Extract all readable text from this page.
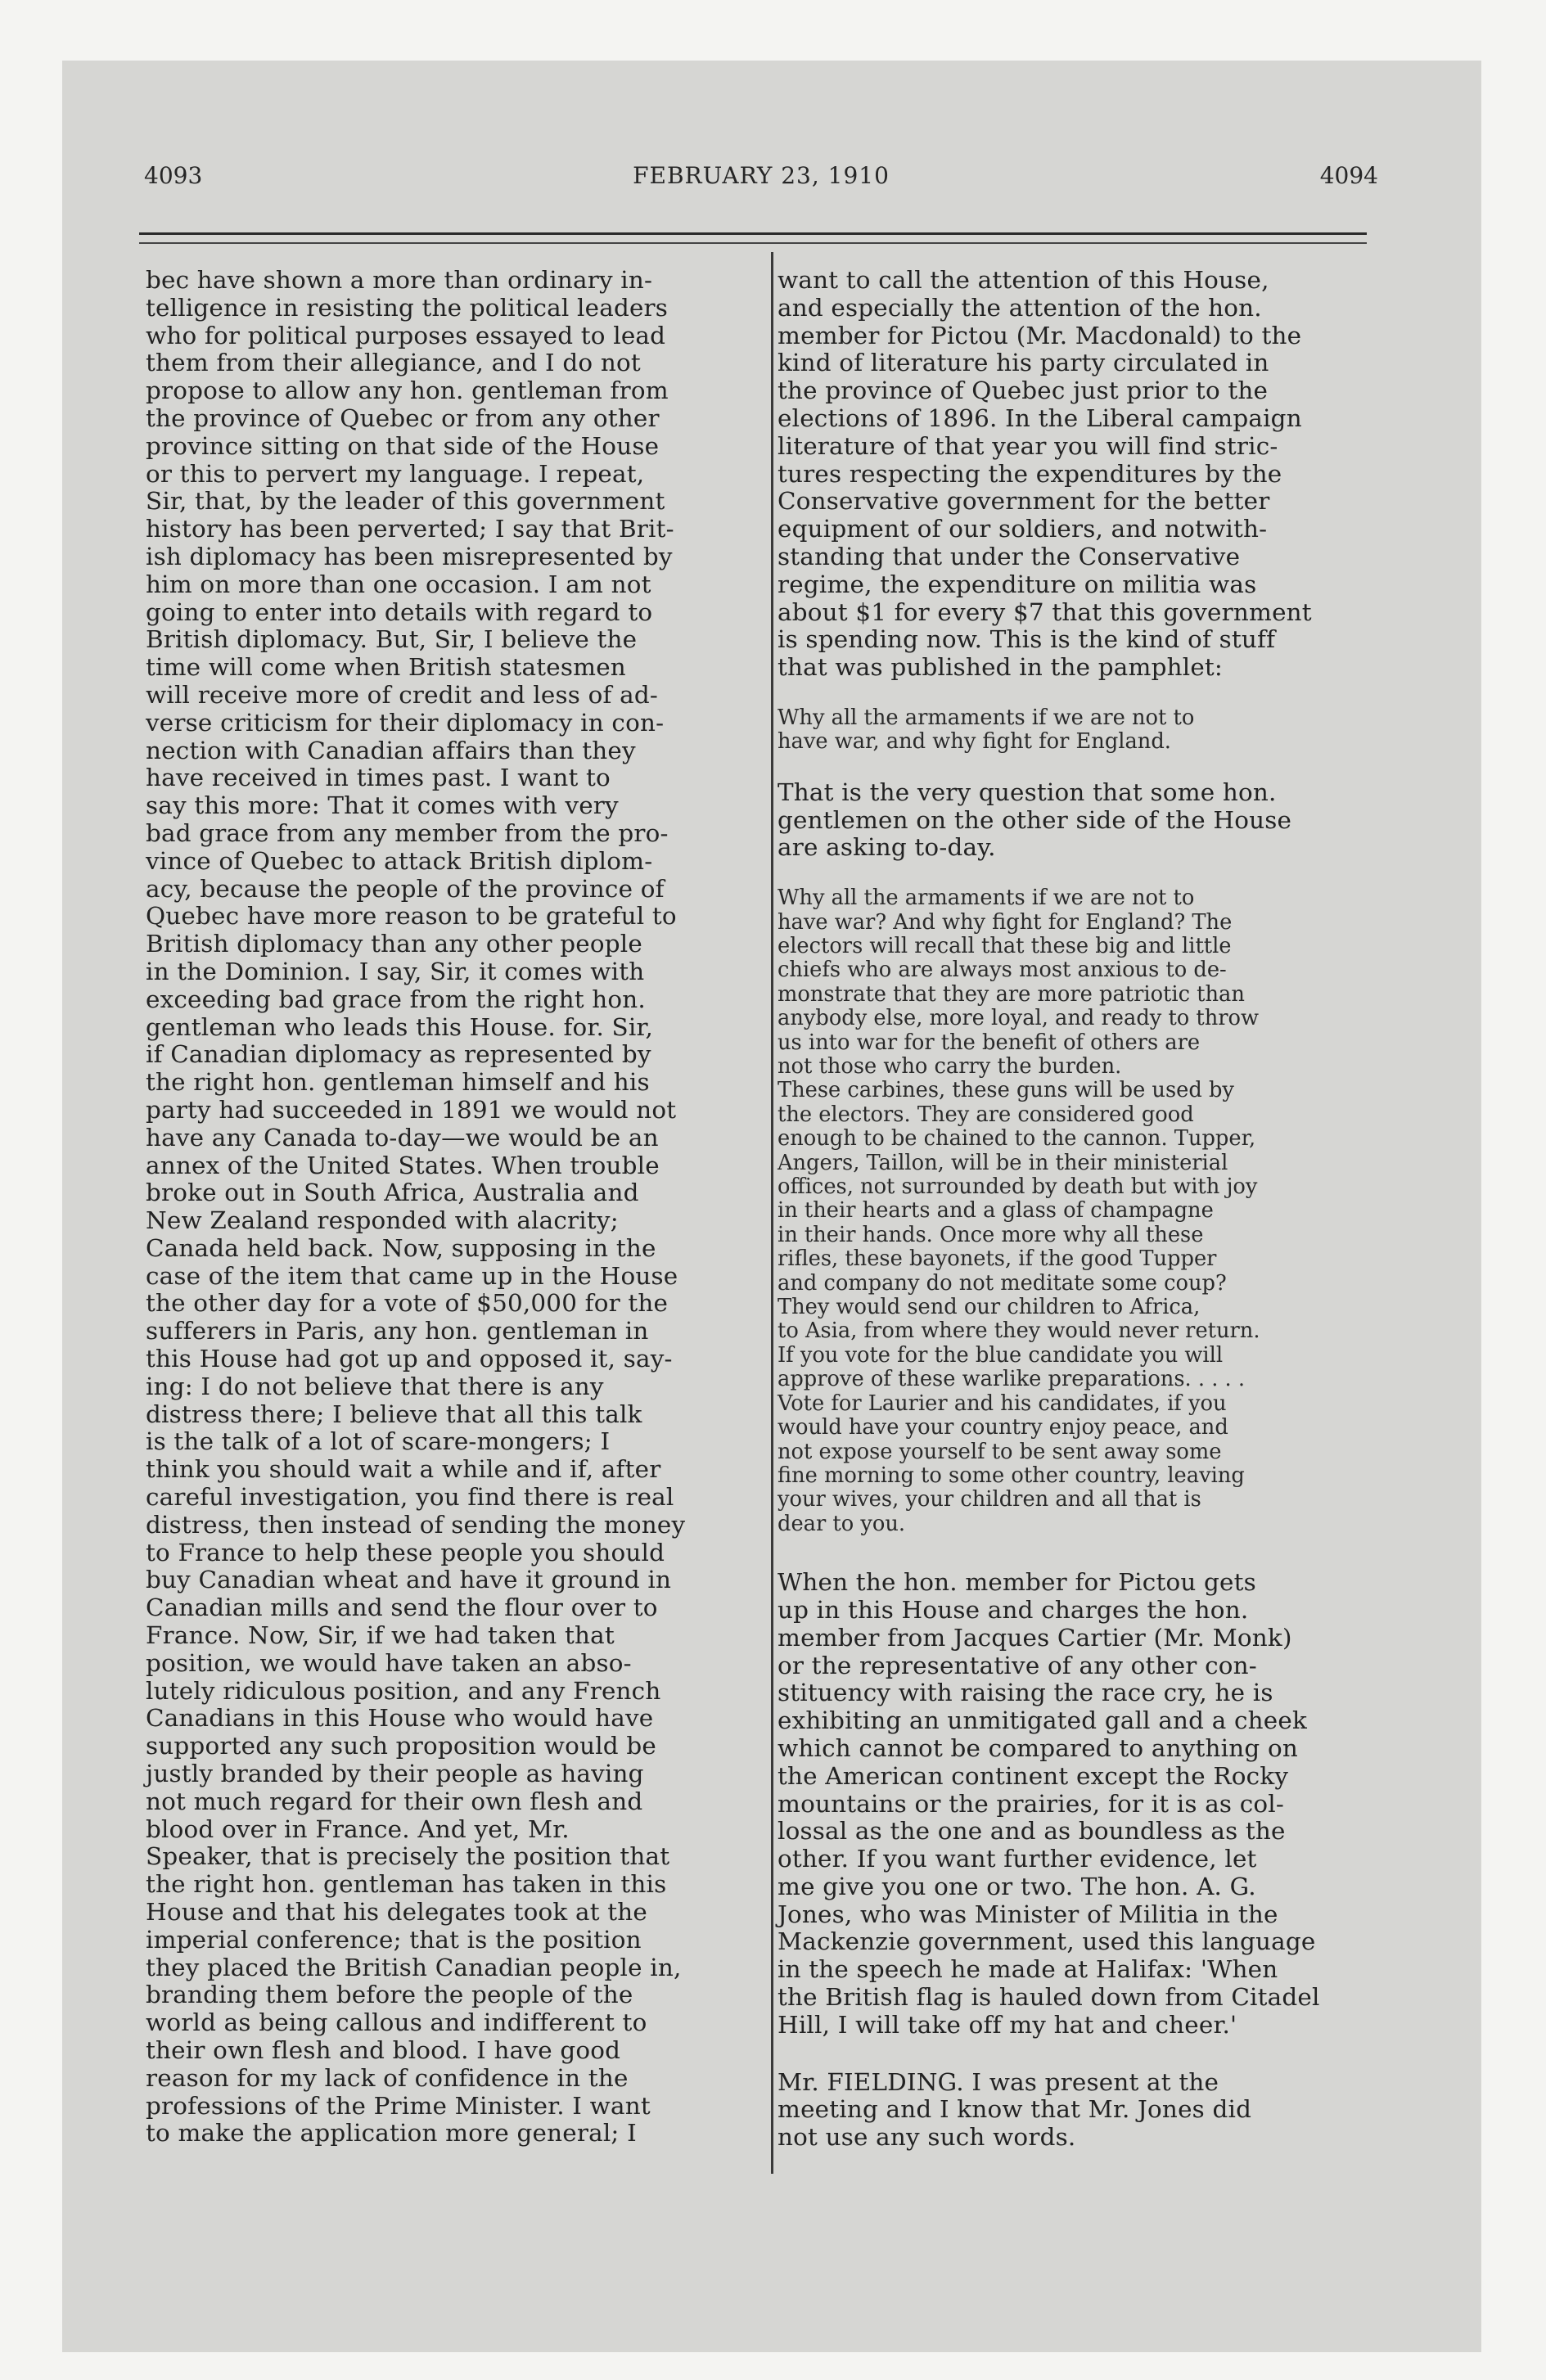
4093	FEBRUARY 23, 1910	4094
bec have shown a more than ordinary in-
telligence in resisting the political leaders
who for political purposes essayed to lead
them from their allegiance, and I do not
propose to allow any hon. gentleman from
the province of Quebec or from any other
province sitting on that side of the House
or this to pervert my language. I repeat,
Sir, that, by the leader of this government
history has been perverted; I say that Brit-
ish diplomacy has been misrepresented by
him on more than one occasion. I am not
going to enter into details with regard to
British diplomacy. But, Sir, I believe the
time will come when British statesmen
will receive more of credit and less of ad-
verse criticism for their diplomacy in con-
nection with Canadian affairs than they
have received in times past. I want to
say this more: That it comes with very
bad grace from any member from the pro-
vince of Quebec to attack British diplom-
acy, because the people of the province of
Quebec have more reason to be grateful to
British diplomacy than any other people
in the Dominion. I say, Sir, it comes with
exceeding bad grace from the right hon.
gentleman who leads this House. for. Sir,
if Canadian diplomacy as represented by
the right hon. gentleman himself and his
party had succeeded in 1891 we would not
have any Canada to-day—we would be an
annex of the United States. When trouble
broke out in South Africa, Australia and
New Zealand responded with alacrity;
Canada held back. Now, supposing in the
case of the item that came up in the House
the other day for a vote of $50,000 for the
sufferers in Paris, any hon. gentleman in
this House had got up and opposed it, say-
ing: I do not believe that there is any
distress there; I believe that all this talk
is the talk of a lot of scare-mongers; I
think you should wait a while and if, after
careful investigation, you find there is real
distress, then instead of sending the money
to France to help these people you should
buy Canadian wheat and have it ground in
Canadian mills and send the flour over to
France. Now, Sir, if we had taken that
position, we would have taken an abso-
lutely ridiculous position, and any French
Canadians in this House who would have
supported any such proposition would be
justly branded by their people as having
not much regard for their own flesh and
blood over in France. And yet, Mr.
Speaker, that is precisely the position that
the right hon. gentleman has taken in this
House and that his delegates took at the
imperial conference; that is the position
they placed the British Canadian people in,
branding them before the people of the
world as being callous and indifferent to
their own flesh and blood. I have good
reason for my lack of confidence in the
professions of the Prime Minister. I want
to make the application more general; I
want to call the attention of this House,
and especially the attention of the hon.
member for Pictou (Mr. Macdonald) to the
kind of literature his party circulated in
the province of Quebec just prior to the
elections of 1896. In the Liberal campaign
literature of that year you will find stric-
tures respecting the expenditures by the
Conservative government for the better
equipment of our soldiers, and notwith-
standing that under the Conservative
regime, the expenditure on militia was
about $1 for every $7 that this government
is spending now. This is the kind of stuff
that was published in the pamphlet:
Why all the armaments if we are not to
have war, and why fight for England.
That is the very question that some hon.
gentlemen on the other side of the House
are asking to-day.
Why all the armaments if we are not to
have war? And why fight for England? The
electors will recall that these big and little
chiefs who are always most anxious to de-
monstrate that they are more patriotic than
anybody else, more loyal, and ready to throw
us into war for the benefit of others are
not those who carry the burden.
These carbines, these guns will be used by
the electors. They are considered good
enough to be chained to the cannon. Tupper,
Angers, Taillon, will be in their ministerial
offices, not surrounded by death but with joy
in their hearts and a glass of champagne
in their hands. Once more why all these
rifles, these bayonets, if the good Tupper
and company do not meditate some coup?
They would send our children to Africa,
to Asia, from where they would never return.
If you vote for the blue candidate you will
approve of these warlike preparations. . . . .
Vote for Laurier and his candidates, if you
would have your country enjoy peace, and
not expose yourself to be sent away some
fine morning to some other country, leaving
your wives, your children and all that is
dear to you.
When the hon. member for Pictou gets
up in this House and charges the hon.
member from Jacques Cartier (Mr. Monk)
or the representative of any other con-
stituency with raising the race cry, he is
exhibiting an unmitigated gall and a cheek
which cannot be compared to anything on
the American continent except the Rocky
mountains or the prairies, for it is as col-
lossal as the one and as boundless as the
other. If you want further evidence, let
me give you one or two. The hon. A. G.
Jones, who was Minister of Militia in the
Mackenzie government, used this language
in the speech he made at Halifax: 'When
the British flag is hauled down from Citadel
Hill, I will take off my hat and cheer.'
Mr. FIELDING. I was present at the
meeting and I know that Mr. Jones did
not use any such words.
